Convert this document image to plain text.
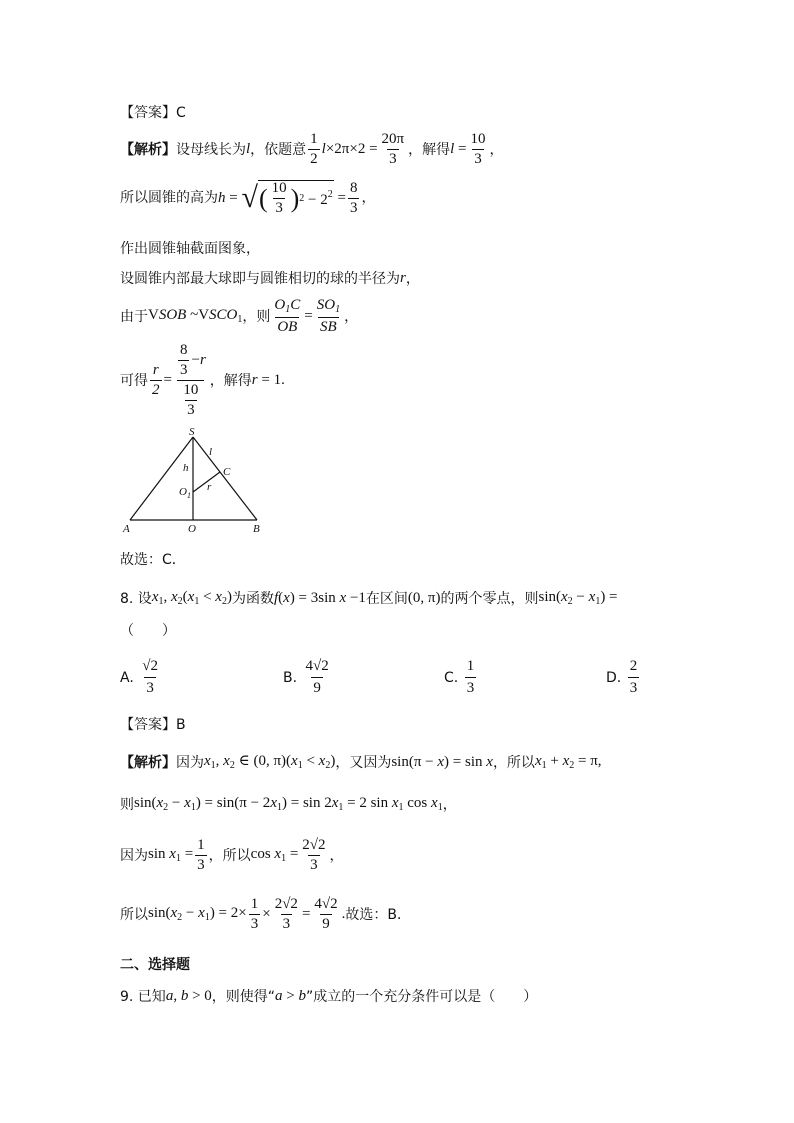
【答案】C
【解析】 设母线长为 l ，依题意
1
2
$l\times 2\pi\times 2 = \frac{20\pi}{3}$ ，解得 $l = \frac{10}{3}$ ，
所以圆锥的高为 h = √ ( 10
3 ) $2 - 2^2 = \frac{8}{3}$ ，
作出圆锥轴截面图象，
设圆锥内部最大球即与圆锥相切的球的半径为 r ，
由于 VSOB $\sim VSCO_1$ ，则 $\frac{O_1C}{OB} = \frac{SO_1}{SB}$ ，
可得 $\frac{r}{2} = 8$
3
− r
$\frac{10}{3}$ ，解得 r = 1.
S
l
h	C
$O_1$
r
A	O	B
故选：C．
8. 设 $x_1$, $x_2(x_1 < x_2)$ 为函数 f(x) = 3sin x −1 在区间 (0, π) 的两个零点，则 $\sin(x_2 - x_1)$ =
（　　）
A.

√2
3
B.

4√2
9
C.

1
3
D.

2
3
【答案】B
【解析】 因为 $x_1$, $x_2$ ∈ (0, $\pi)(x_1 < x_2)$ ，又因为 sin(π − x) = sin x ，所以 $x_1 + x_2 = \pi$,
则 $\sin(x_2 - x_1) = \sin(\pi - 2x_1) = \sin 2x_1 = 2$ $\sin x_1$ $\cos x_1$ ，
因为 $\sin x_1 = \frac{1}{3}$ ，所以 $\cos x_1 = \frac{2√2}{3}$ ，
所以 $\sin(x_2 - x_1) = 2\times \frac{1}{3} \times \frac{2√2}{3} = \frac{4√2}{9}$ . 故选：B．
二、选择题
9. 已知 a, b > 0 ，则使得“ a > b ”成立的一个充分条件可以是（　　）
